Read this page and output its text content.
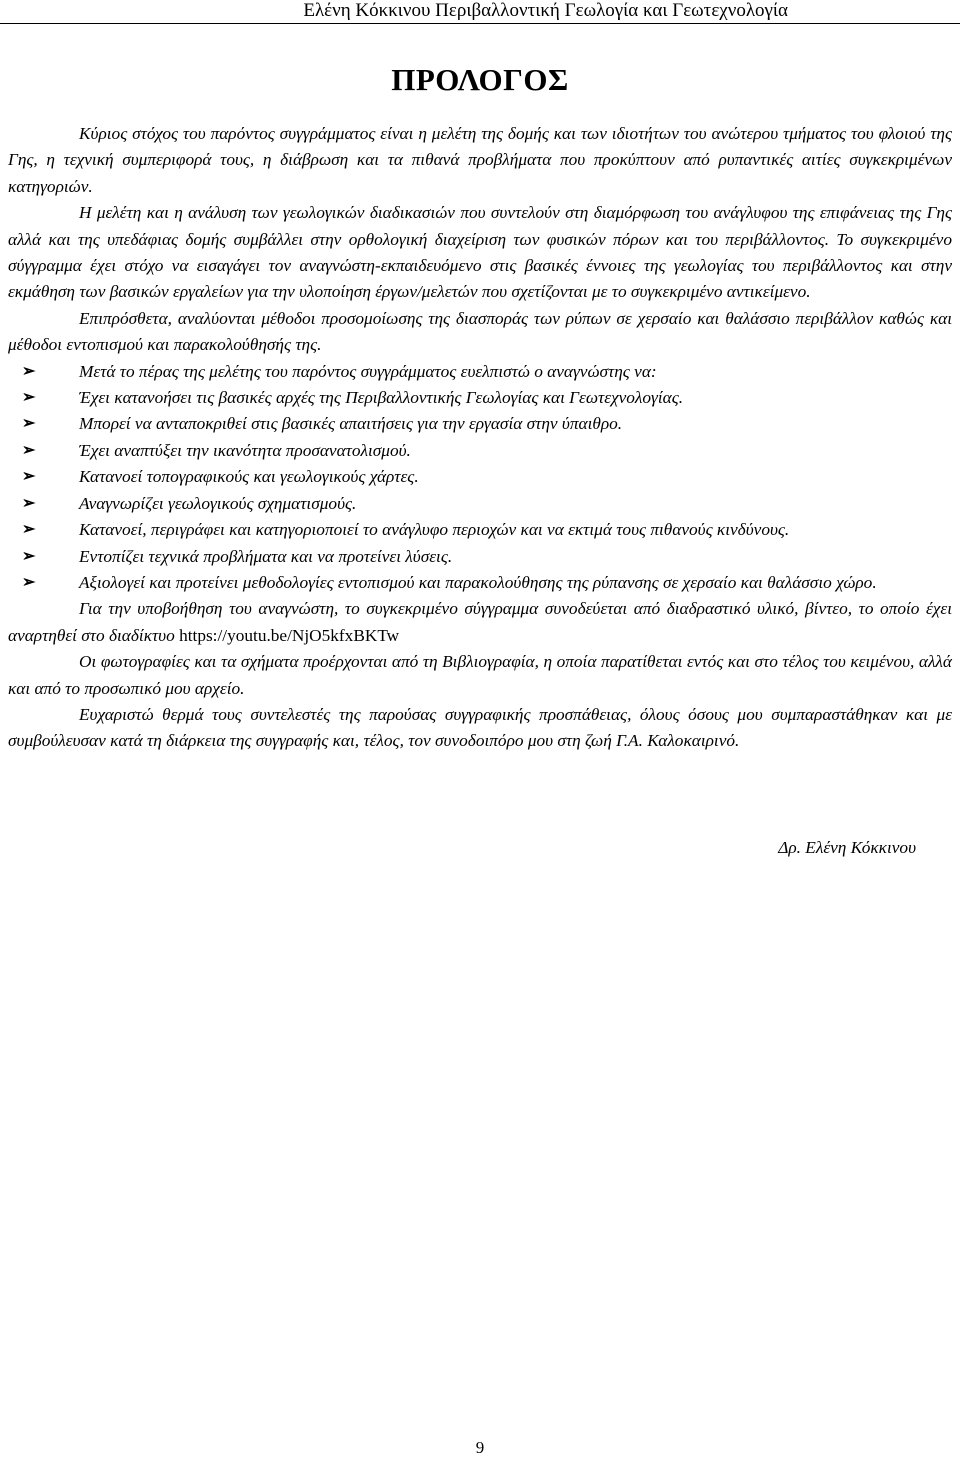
Ελένη Κόκκινου Περιβαλλοντική Γεωλογία και Γεωτεχνολογία
ΠΡΟΛΟΓΟΣ

Κύριος στόχος του παρόντος συγγράμματος είναι η μελέτη της δομής και των ιδιοτήτων του ανώτερου τμήματος του φλοιού της Γης, η τεχνική συμπεριφορά τους, η διάβρωση και τα πιθανά προβλήματα που προκύπτουν από ρυπαντικές αιτίες συγκεκριμένων κατηγοριών.

Η μελέτη και η ανάλυση των γεωλογικών διαδικασιών που συντελούν στη διαμόρφωση του ανάγλυφου της επιφάνειας της Γης αλλά και της υπεδάφιας δομής συμβάλλει στην ορθολογική διαχείριση των φυσικών πόρων και του περιβάλλοντος. Το συγκεκριμένο σύγγραμμα έχει στόχο να εισαγάγει τον αναγνώστη-εκπαιδευόμενο στις βασικές έννοιες της γεωλογίας του περιβάλλοντος και στην εκμάθηση των βασικών εργαλείων για την υλοποίηση έργων/μελετών που σχετίζονται με το συγκεκριμένο αντικείμενο.

Επιπρόσθετα, αναλύονται μέθοδοι προσομοίωσης της διασποράς των ρύπων σε χερσαίο και θαλάσσιο περιβάλλον καθώς και μέθοδοι εντοπισμού και παρακολούθησής της.

➢	Μετά το πέρας της μελέτης του παρόντος συγγράμματος ευελπιστώ ο αναγνώστης να:
➢	Έχει κατανοήσει τις βασικές αρχές της Περιβαλλοντικής Γεωλογίας και Γεωτεχνολογίας.
➢	Μπορεί να ανταποκριθεί στις βασικές απαιτήσεις για την εργασία στην ύπαιθρο.
➢	Έχει αναπτύξει την ικανότητα προσανατολισμού.
➢	Κατανοεί τοπογραφικούς και γεωλογικούς χάρτες.
➢	Αναγνωρίζει γεωλογικούς σχηματισμούς.
➢	Κατανοεί, περιγράφει και κατηγοριοποιεί το ανάγλυφο περιοχών και να εκτιμά τους πιθανούς κινδύνους.
➢	Εντοπίζει τεχνικά προβλήματα και να προτείνει λύσεις.
➢	Αξιολογεί και προτείνει μεθοδολογίες εντοπισμού και παρακολούθησης της ρύπανσης σε χερσαίο και θαλάσσιο χώρο.

Για την υποβοήθηση του αναγνώστη, το συγκεκριμένο σύγγραμμα συνοδεύεται από διαδραστικό υλικό, βίντεο, το οποίο έχει αναρτηθεί στο διαδίκτυο https://youtu.be/NjO5kfxBKTw

Οι φωτογραφίες και τα σχήματα προέρχονται από τη Βιβλιογραφία, η οποία παρατίθεται εντός και στο τέλος του κειμένου, αλλά και από το προσωπικό μου αρχείο.

Ευχαριστώ θερμά τους συντελεστές της παρούσας συγγραφικής προσπάθειας, όλους όσους μου συμπαραστάθηκαν και με συμβούλευσαν κατά τη διάρκεια της συγγραφής και, τέλος, τον συνοδοιπόρο μου στη ζωή Γ.Α. Καλοκαιρινό.

Δρ. Ελένη Κόκκινου
9
